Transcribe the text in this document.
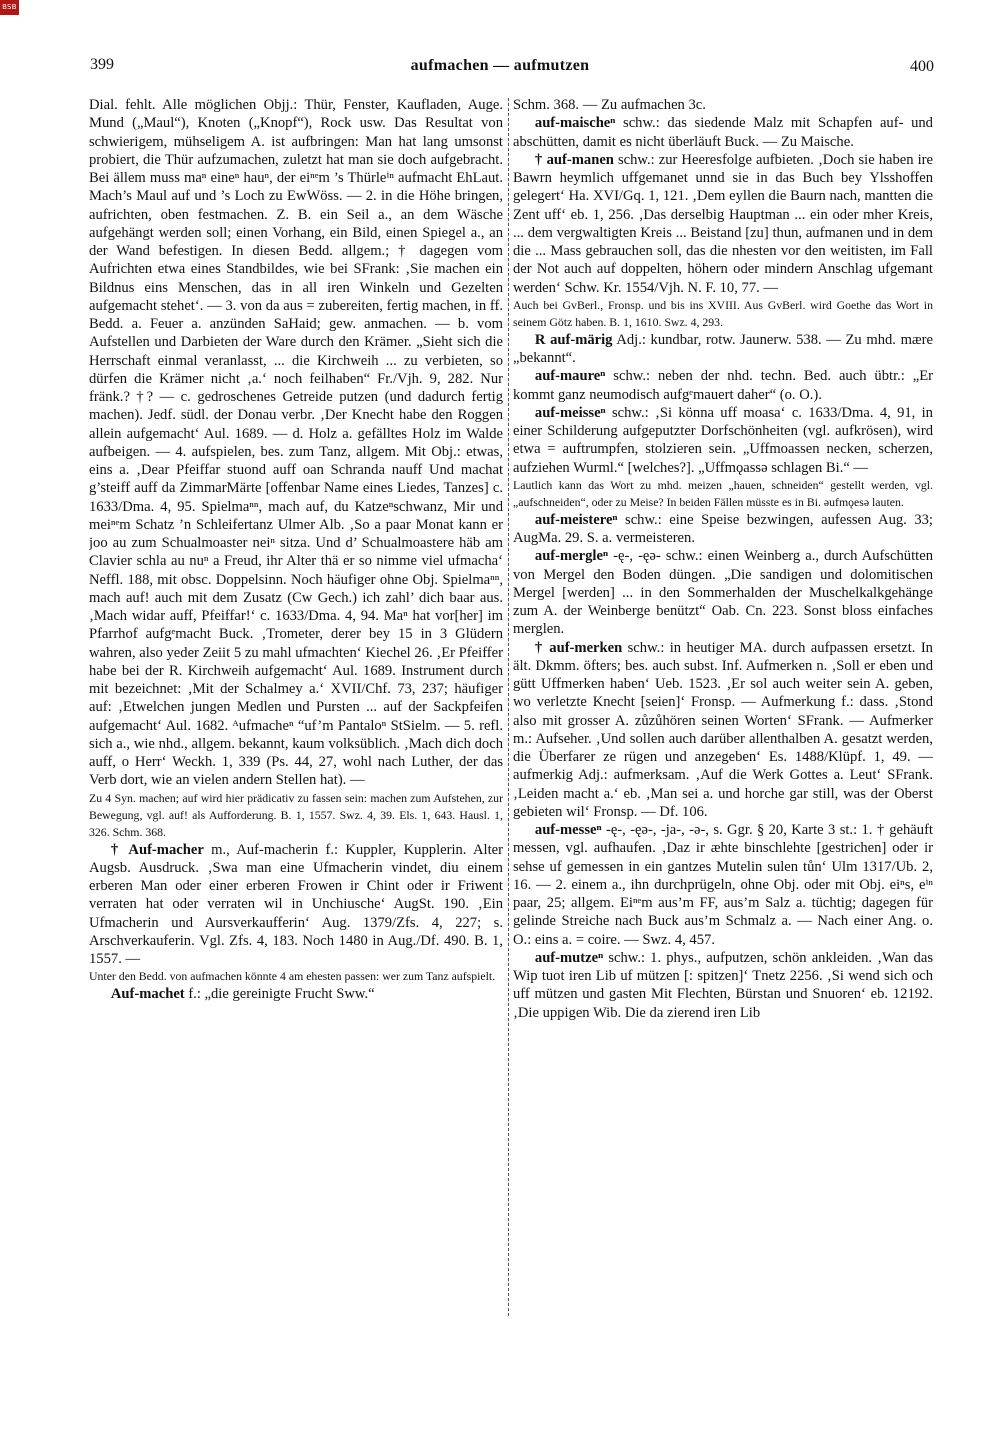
BSB
399	aufmachen — aufmutzen	400

Dial. fehlt. Alle möglichen Objj.: Thür, Fenster, Kaufladen, Auge. Mund („Maul“), Knoten („Knopf“), Rock usw. Das Resultat von schwierigem, mühseligem A. ist aufbringen: Man hat lang umsonst probiert, die Thür aufzumachen, zuletzt hat man sie doch aufgebracht. Bei ällem muss maⁿ eineⁿ hauⁿ, der eiⁿᵉm ’s Thürleⁱⁿ aufmacht EhLaut. Mach’s Maul auf und ’s Loch zu EwWöss. — 2. in die Höhe bringen, aufrichten, oben festmachen. Z. B. ein Seil a., an dem Wäsche aufgehängt werden soll; einen Vorhang, ein Bild, einen Spiegel a., an der Wand befestigen. In diesen Bedd. allgem.; † dagegen vom Aufrichten etwa eines Standbildes, wie bei SFrank: ‚Sie machen ein Bildnus eins Menschen, das in all iren Winkeln und Gezelten aufgemacht stehet‘. — 3. von da aus = zubereiten, fertig machen, in ff. Bedd. a. Feuer a. anzünden SaHaid; gew. anmachen. — b. vom Aufstellen und Darbieten der Ware durch den Krämer. „Sieht sich die Herrschaft einmal veranlasst, ... die Kirchweih ... zu verbieten, so dürfen die Krämer nicht ‚a.‘ noch feilhaben“ Fr./Vjh. 9, 282. Nur fränk.? †? — c. gedroschenes Getreide putzen (und dadurch fertig machen). Jedf. südl. der Donau verbr. ‚Der Knecht habe den Roggen allein aufgemacht‘ Aul. 1689. — d. Holz a. gefälltes Holz im Walde aufbeigen. — 4. aufspielen, bes. zum Tanz, allgem. Mit Obj.: etwas, eins a. ‚Dear Pfeiffar stuond auff oan Schranda nauff Und machat g’steiff auff da ZimmarMärte [offenbar Name eines Liedes, Tanzes] c. 1633/Dma. 4, 95. Spielmaⁿⁿ, mach auf, du Katzeⁿschwanz, Mir und meiⁿᵉm Schatz ’n Schleifertanz Ulmer Alb. ‚So a paar Monat kann er joo au zum Schualmoaster neiⁿ sitza. Und d’ Schualmoastere häb am Clavier schla au nuⁿ a Freud, ihr Alter thä er so nimme viel ufmacha‘ Neffl. 188, mit obsc. Doppelsinn. Noch häufiger ohne Obj. Spielmaⁿⁿ, mach auf! auch mit dem Zusatz (Cw Gech.) ich zahl’ dich baar aus. ‚Mach widar auff, Pfeiffar!‘ c. 1633/Dma. 4, 94. Maⁿ hat vor[her] im Pfarrhof aufgᵉmacht Buck. ‚Trometer, derer bey 15 in 3 Glüdern wahren, also yeder Zeiit 5 zu mahl ufmachten‘ Kiechel 26. ‚Er Pfeiffer habe bei der R. Kirchweih aufgemacht‘ Aul. 1689. Instrument durch mit bezeichnet: ‚Mit der Schalmey a.‘ XVII/Chf. 73, 237; häufiger auf: ‚Etwelchen jungen Medlen und Pursten ... auf der Sackpfeifen aufgemacht‘ Aul. 1682. ᴬufmacheⁿ “uf’m Pantaloⁿ StSielm. — 5. refl. sich a., wie nhd., allgem. bekannt, kaum volksüblich. ‚Mach dich doch auff, o Herr‘ Weckh. 1, 339 (Ps. 44, 27, wohl nach Luther, der das Verb dort, wie an vielen andern Stellen hat). —

Zu 4 Syn. machen; auf wird hier prädicativ zu fassen sein: machen zum Aufstehen, zur Bewegung, vgl. auf! als Aufforderung. B. 1, 1557. Swz. 4, 39. Els. 1, 643. Hausl. 1, 326. Schm. 368.

† Auf-macher m., Auf-macherin f.: Kuppler, Kupplerin. Alter Augsb. Ausdruck. ‚Swa man eine Ufmacherin vindet, diu einem erberen Man oder einer erberen Frowen ir Chint oder ir Friwent verraten hat oder verraten wil in Unchiusche‘ AugSt. 190. ‚Ein Ufmacherin und Aursverkaufferin‘ Aug. 1379/Zfs. 4, 227; s. Arschverkauferin. Vgl. Zfs. 4, 183. Noch 1480 in Aug./Df. 490. B. 1, 1557. —

Unter den Bedd. von aufmachen könnte 4 am ehesten passen: wer zum Tanz aufspielt.

Auf-machet f.: „die gereinigte Frucht Sww.“

Schm. 368. — Zu aufmachen 3c.

auf-maischeⁿ schw.: das siedende Malz mit Schapfen auf- und abschütten, damit es nicht überläuft Buck. — Zu Maische.

† auf-manen schw.: zur Heeresfolge aufbieten. ‚Doch sie haben ire Bawrn heymlich uffgemanet unnd sie in das Buch bey Ylsshoffen gelegert‘ Ha. XVI/Gq. 1, 121. ‚Dem eyllen die Baurn nach, mantten die Zent uff‘ eb. 1, 256. ‚Das derselbig Hauptman ... ein oder mher Kreis, ... dem vergwaltigten Kreis ... Beistand [zu] thun, aufmanen und in dem die ... Mass gebrauchen soll, das die nhesten vor den weitisten, im Fall der Not auch auf doppelten, höhern oder mindern Anschlag ufgemant werden‘ Schw. Kr. 1554/Vjh. N. F. 10, 77. —

Auch bei GvBerl., Fronsp. und bis ins XVIII. Aus GvBerl. wird Goethe das Wort in seinem Götz haben. B. 1, 1610. Swz. 4, 293.

R auf-märig Adj.: kundbar, rotw. Jaunerw. 538. — Zu mhd. mære „bekannt“.

auf-maureⁿ schw.: neben der nhd. techn. Bed. auch übtr.: „Er kommt ganz neumodisch aufgᵉmauert daher“ (o. O.).

auf-meisseⁿ schw.: ‚Si könna uff moasa‘ c. 1633/Dma. 4, 91, in einer Schilderung aufgeputzter Dorfschönheiten (vgl. aufkrösen), wird etwa = auftrumpfen, stolzieren sein. „Uffmoassen necken, scherzen, aufziehen Wurml.“ [welches?]. „Uffmǫassə schlagen Bi.“ —

Lautlich kann das Wort zu mhd. meizen „hauen, schneiden“ gestellt werden, vgl. „aufschneiden“, oder zu Meise? In beiden Fällen müsste es in Bi. əufmǫesə lauten.

auf-meistereⁿ schw.: eine Speise bezwingen, aufessen Aug. 33; AugMa. 29. S. a. vermeisteren.

auf-mergleⁿ -ę-, -ęə- schw.: einen Weinberg a., durch Aufschütten von Mergel den Boden düngen. „Die sandigen und dolomitischen Mergel [werden] ... in den Sommerhalden der Muschelkalkgehänge zum A. der Weinberge benützt“ Oab. Cn. 223. Sonst bloss einfaches merglen.

† auf-merken schw.: in heutiger MA. durch aufpassen ersetzt. In ält. Dkmm. öfters; bes. auch subst. Inf. Aufmerken n. ‚Soll er eben und gütt Uffmerken haben‘ Ueb. 1523. ‚Er sol auch weiter sein A. geben, wo verletzte Knecht [seien]‘ Fronsp. — Aufmerkung f.: dass. ‚Stond also mit grosser A. zůzůhören seinen Worten‘ SFrank. — Aufmerker m.: Aufseher. ‚Und sollen auch darüber allenthalben A. gesatzt werden, die Überfarer ze rügen und anzegeben‘ Es. 1488/Klüpf. 1, 49. — aufmerkig Adj.: aufmerksam. ‚Auf die Werk Gottes a. Leut‘ SFrank. ‚Leiden macht a.‘ eb. ‚Man sei a. und horche gar still, was der Oberst gebieten wil‘ Fronsp. — Df. 106.

auf-messeⁿ -ę-, -ęə-, -ja-, -ə-, s. Ggr. § 20, Karte 3 st.: 1. † gehäuft messen, vgl. aufhaufen. ‚Daz ir æhte binschlehte [gestrichen] oder ir sehse uf gemessen in ein gantzes Mutelin sulen tůn‘ Ulm 1317/Ub. 2, 16. — 2. einem a., ihn durchprügeln, ohne Obj. oder mit Obj. eiⁿs, eⁱⁿ paar, 25; allgem. Eiⁿᵉm aus’m FF, aus’m Salz a. tüchtig; dagegen für gelinde Streiche nach Buck aus’m Schmalz a. — Nach einer Ang. o. O.: eins a. = coire. — Swz. 4, 457.

auf-mutzeⁿ schw.: 1. phys., aufputzen, schön ankleiden. ‚Wan das Wip tuot iren Lib uf mützen [: spitzen]‘ Tnetz 2256. ‚Si wend sich och uff mützen und gasten Mit Flechten, Bürstan und Snuoren‘ eb. 12192. ‚Die uppigen Wib. Die da zierend iren Lib
